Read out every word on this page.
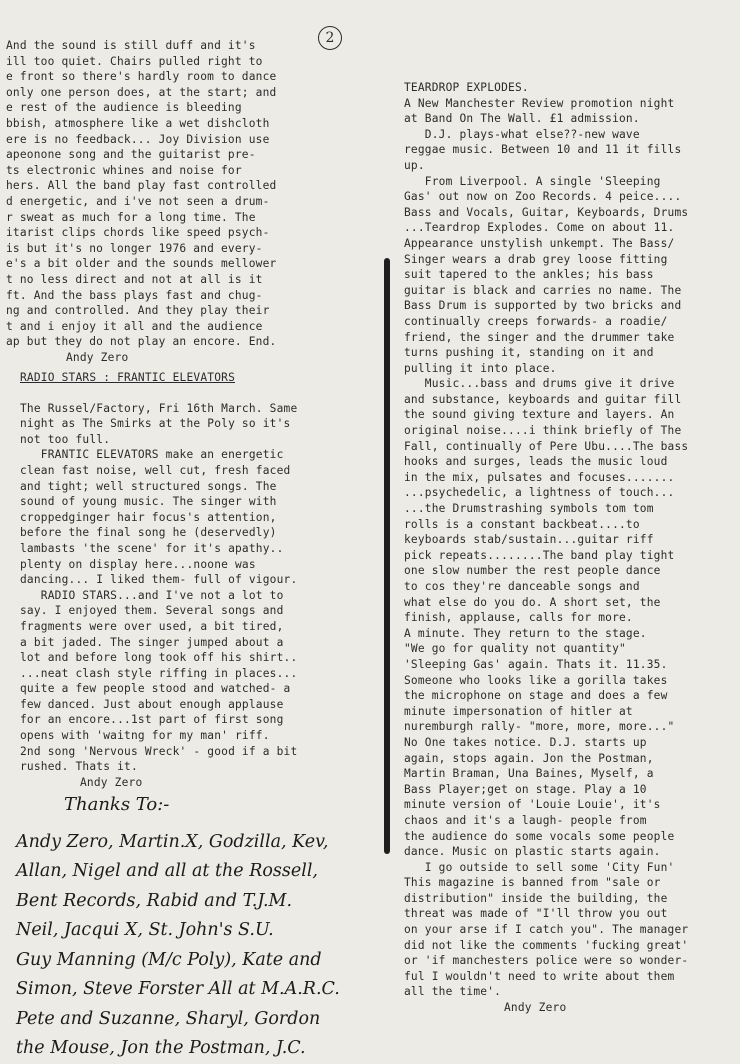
2

And the sound is still duff and it's

ill too quiet. Chairs pulled right to

e front so there's hardly room to dance

only one person does, at the start; and

e rest of the audience is bleeding

bbish, atmosphere like a wet dishcloth

ere is no feedback... Joy Division use

apeonone song and the guitarist pre-

ts electronic whines and noise for

hers. All the band play fast controlled

d energetic, and i've not seen a drum-

r sweat as much for a long time. The

itarist clips chords like speed psych-

is but it's no longer 1976 and every-

e's a bit older and the sounds mellower

t no less direct and not at all is it

ft. And the bass plays fast and chug-

ng and controlled. And they play their

t and i enjoy it all and the audience

ap but they do not play an encore. End.

Andy Zero

RADIO STARS : FRANTIC ELEVATORS

The Russel/Factory, Fri 16th March. Same

night as The Smirks at the Poly so it's

not too full.

FRANTIC ELEVATORS make an energetic

clean fast noise, well cut, fresh faced

and tight; well structured songs. The

sound of young music. The singer with

croppedginger hair focus's attention,

before the final song he (deservedly)

lambasts 'the scene' for it's apathy..

plenty on display here...noone was

dancing... I liked them- full of vigour.

RADIO STARS...and I've not a lot to

say. I enjoyed them. Several songs and

fragments were over used, a bit tired,

a bit jaded. The singer jumped about a

lot and before long took off his shirt..

...neat clash style riffing in places...

quite a few people stood and watched- a

few danced. Just about enough applause

for an encore...1st part of first song

opens with 'waitng for my man' riff.

2nd song 'Nervous Wreck' - good if a bit

rushed. Thats it.

Andy Zero

Thanks To:-

Andy Zero, Martin.X, Godzilla, Kev,

Allan, Nigel and all at the Rossell,

Bent Records, Rabid and T.J.M.

Neil, Jacqui X, St. John's S.U.

Guy Manning (M/c Poly), Kate and

Simon, Steve Forster All at M.A.R.C.

Pete and Suzanne, Sharyl, Gordon

the Mouse, Jon the Postman, J.C.

TEARDROP EXPLODES.

A New Manchester Review promotion night

at Band On The Wall. £1 admission.

D.J. plays-what else??-new wave

reggae music. Between 10 and 11 it fills

up.

From Liverpool. A single 'Sleeping

Gas' out now on Zoo Records. 4 peice....

Bass and Vocals, Guitar, Keyboards, Drums

...Teardrop Explodes. Come on about 11.

Appearance unstylish unkempt. The Bass/

Singer wears a drab grey loose fitting

suit tapered to the ankles; his bass

guitar is black and carries no name. The

Bass Drum is supported by two bricks and

continually creeps forwards- a roadie/

friend, the singer and the drummer take

turns pushing it, standing on it and

pulling it into place.

Music...bass and drums give it drive

and substance, keyboards and guitar fill

the sound giving texture and layers. An

original noise....i think briefly of The

Fall, continually of Pere Ubu....The bass

hooks and surges, leads the music loud

in the mix, pulsates and focuses.......

...psychedelic, a lightness of touch...

...the Drumstrashing symbols tom tom

rolls is a constant backbeat....to

keyboards stab/sustain...guitar riff

pick repeats........The band play tight

one slow number the rest people dance

to cos they're danceable songs and

what else do you do. A short set, the

finish, applause, calls for more.

A minute. They return to the stage.

"We go for quality not quantity"

'Sleeping Gas' again. Thats it. 11.35.

Someone who looks like a gorilla takes

the microphone on stage and does a few

minute impersonation of hitler at

nuremburgh rally- "more, more, more..."

No One takes notice. D.J. starts up

again, stops again. Jon the Postman,

Martin Braman, Una Baines, Myself, a

Bass Player;get on stage. Play a 10

minute version of 'Louie Louie', it's

chaos and it's a laugh- people from

the audience do some vocals some people

dance. Music on plastic starts again.

I go outside to sell some 'City Fun'

This magazine is banned from "sale or

distribution" inside the building, the

threat was made of "I'll throw you out

on your arse if I catch you". The manager

did not like the comments 'fucking great'

or 'if manchesters police were so wonder-

ful I wouldn't need to write about them

all the time'.

Andy Zero
